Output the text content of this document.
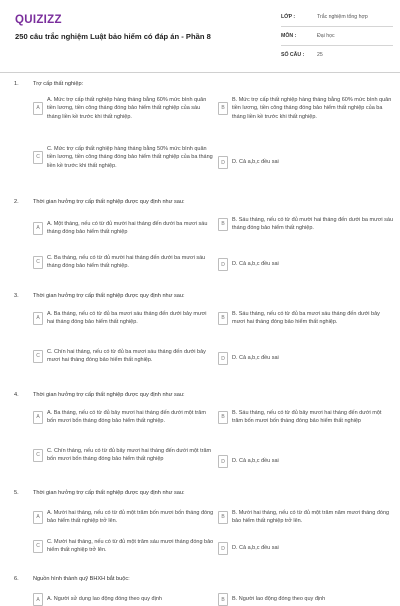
QUIZIZZ
250 câu trắc nghiệm Luật bảo hiểm có đáp án - Phần 8
LỚP :	Trắc nghiệm tổng hợp
MÔN :	Đại học
SỐ CÂU :	25
1.	Trợ cấp thất nghiệp:
A
A. Mức trợ cấp thất nghiệp hàng tháng bằng 60% mức bình quân tiền lương, tiền công tháng đóng bảo hiểm thất nghiệp của sáu tháng liền kề trước khi thất nghiệp.
B
B. Mức trợ cấp thất nghiệp hàng tháng bằng 60% mức bình quân tiền lương, tiền công tháng đóng bảo hiểm thất nghiệp của ba tháng liền kề trước khi thất nghiệp.
C
C. Mức trợ cấp thất nghiệp hàng tháng bằng 50% mức bình quân tiền lương, tiền công tháng đóng bảo hiểm thất nghiệp của ba tháng liền kề trước khi thất nghiệp.
D	D. Cả a,b,c đều sai
2.	Thời gian hưởng trợ cấp thất nghiệp được quy định như sau:
A
A. Một tháng, nếu có từ đủ mười hai tháng đến dưới ba mươi sáu tháng đóng bảo hiểm thất nghiệp
B
B. Sáu tháng, nếu có từ đủ mười hai tháng đến dưới ba mươi sáu tháng đóng bảo hiểm thất nghiệp.
C
C. Ba tháng, nếu có từ đủ mười hai tháng đến dưới ba mươi sáu tháng đóng bảo hiểm thất nghiệp.	D	D. Cả a,b,c đều sai
3.	Thời gian hưởng trợ cấp thất nghiệp được quy định như sau:
A
A. Ba tháng, nếu có từ đủ ba mươi sáu tháng đến dưới bảy mươi hai tháng đóng bảo hiểm thất nghiệp.
B
B. Sáu tháng, nếu có từ đủ ba mươi sáu tháng đến dưới bảy mươi hai tháng đóng bảo hiểm thất nghiệp.
C
C. Chín hai tháng, nếu có từ đủ ba mươi sáu tháng đến dưới bảy mươi hai tháng đóng bảo hiểm thất nghiệp.	D	D. Cả a,b,c đều sai
4.	Thời gian hưởng trợ cấp thất nghiệp được quy định như sau:
A
A. Ba tháng, nếu có từ đủ bảy mươi hai tháng đến dưới một trăm bốn mươi bốn tháng đóng bảo hiểm thất nghiệp.
B
B. Sáu tháng, nếu có từ đủ bảy mươi hai tháng đến dưới một trăm bốn mươi bốn tháng đóng bảo hiểm thất nghiệp
C
C. Chín tháng, nếu có từ đủ bảy mươi hai tháng đến dưới một trăm bốn mươi bốn tháng đóng bảo hiểm thất nghiệp	D	D. Cả a,b,c đều sai
5.	Thời gian hưởng trợ cấp thất nghiệp được quy định như sau:
A
A. Mười hai tháng, nếu có từ đủ một trăm bốn mươi bốn tháng đóng bảo hiểm thất nghiệp trở lên.
B
B. Mười hai tháng, nếu có từ đủ một trăm năm mươi tháng đóng bảo hiểm thất nghiệp trở lên.
C
C. Mười hai tháng, nếu có từ đủ một trăm sáu mươi tháng đóng bảo hiểm thất nghiệp trở lên.	D	D. Cả a,b,c đều sai
6.	Nguồn hình thành quỹ BHXH bắt buộc:
A	A. Người sử dụng lao động đóng theo quy định	B	B. Người lao động đóng theo quy định
